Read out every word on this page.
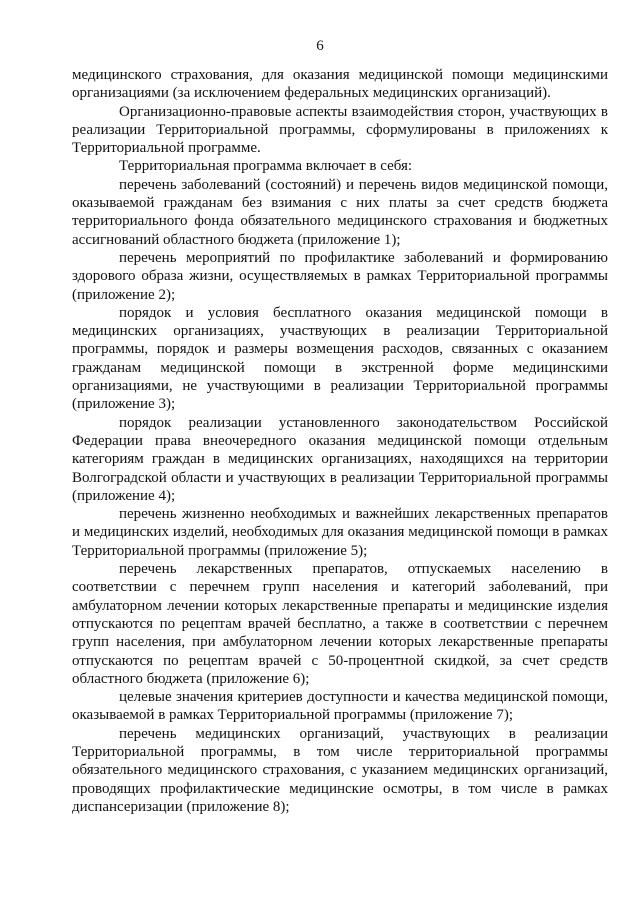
6

медицинского страхования, для оказания медицинской помощи медицинскими организациями (за исключением федеральных медицинских организаций).

Организационно-правовые аспекты взаимодействия сторон, участвующих в реализации Территориальной программы, сформулированы в приложениях к Территориальной программе.

Территориальная программа включает в себя:

перечень заболеваний (состояний) и перечень видов медицинской помощи, оказываемой гражданам без взимания с них платы за счет средств бюджета территориального фонда обязательного медицинского страхования и бюджетных ассигнований областного бюджета (приложение 1);

перечень мероприятий по профилактике заболеваний и формированию здорового образа жизни, осуществляемых в рамках Территориальной программы (приложение 2);

порядок и условия бесплатного оказания медицинской помощи в медицинских организациях, участвующих в реализации Территориальной программы, порядок и размеры возмещения расходов, связанных с оказанием гражданам медицинской помощи в экстренной форме медицинскими организациями, не участвующими в реализации Территориальной программы (приложение 3);

порядок реализации установленного законодательством Российской Федерации права внеочередного оказания медицинской помощи отдельным категориям граждан в медицинских организациях, находящихся на территории Волгоградской области и участвующих в реализации Территориальной программы (приложение 4);

перечень жизненно необходимых и важнейших лекарственных препаратов и медицинских изделий, необходимых для оказания медицинской помощи в рамках Территориальной программы (приложение 5);

перечень лекарственных препаратов, отпускаемых населению в соответствии с перечнем групп населения и категорий заболеваний, при амбулаторном лечении которых лекарственные препараты и медицинские изделия отпускаются по рецептам врачей бесплатно, а также в соответствии с перечнем групп населения, при амбулаторном лечении которых лекарственные препараты отпускаются по рецептам врачей с 50-процентной скидкой, за счет средств областного бюджета (приложение 6);

целевые значения критериев доступности и качества медицинской помощи, оказываемой в рамках Территориальной программы (приложение 7);

перечень медицинских организаций, участвующих в реализации Территориальной программы, в том числе территориальной программы обязательного медицинского страхования, с указанием медицинских организаций, проводящих профилактические медицинские осмотры, в том числе в рамках диспансеризации (приложение 8);
